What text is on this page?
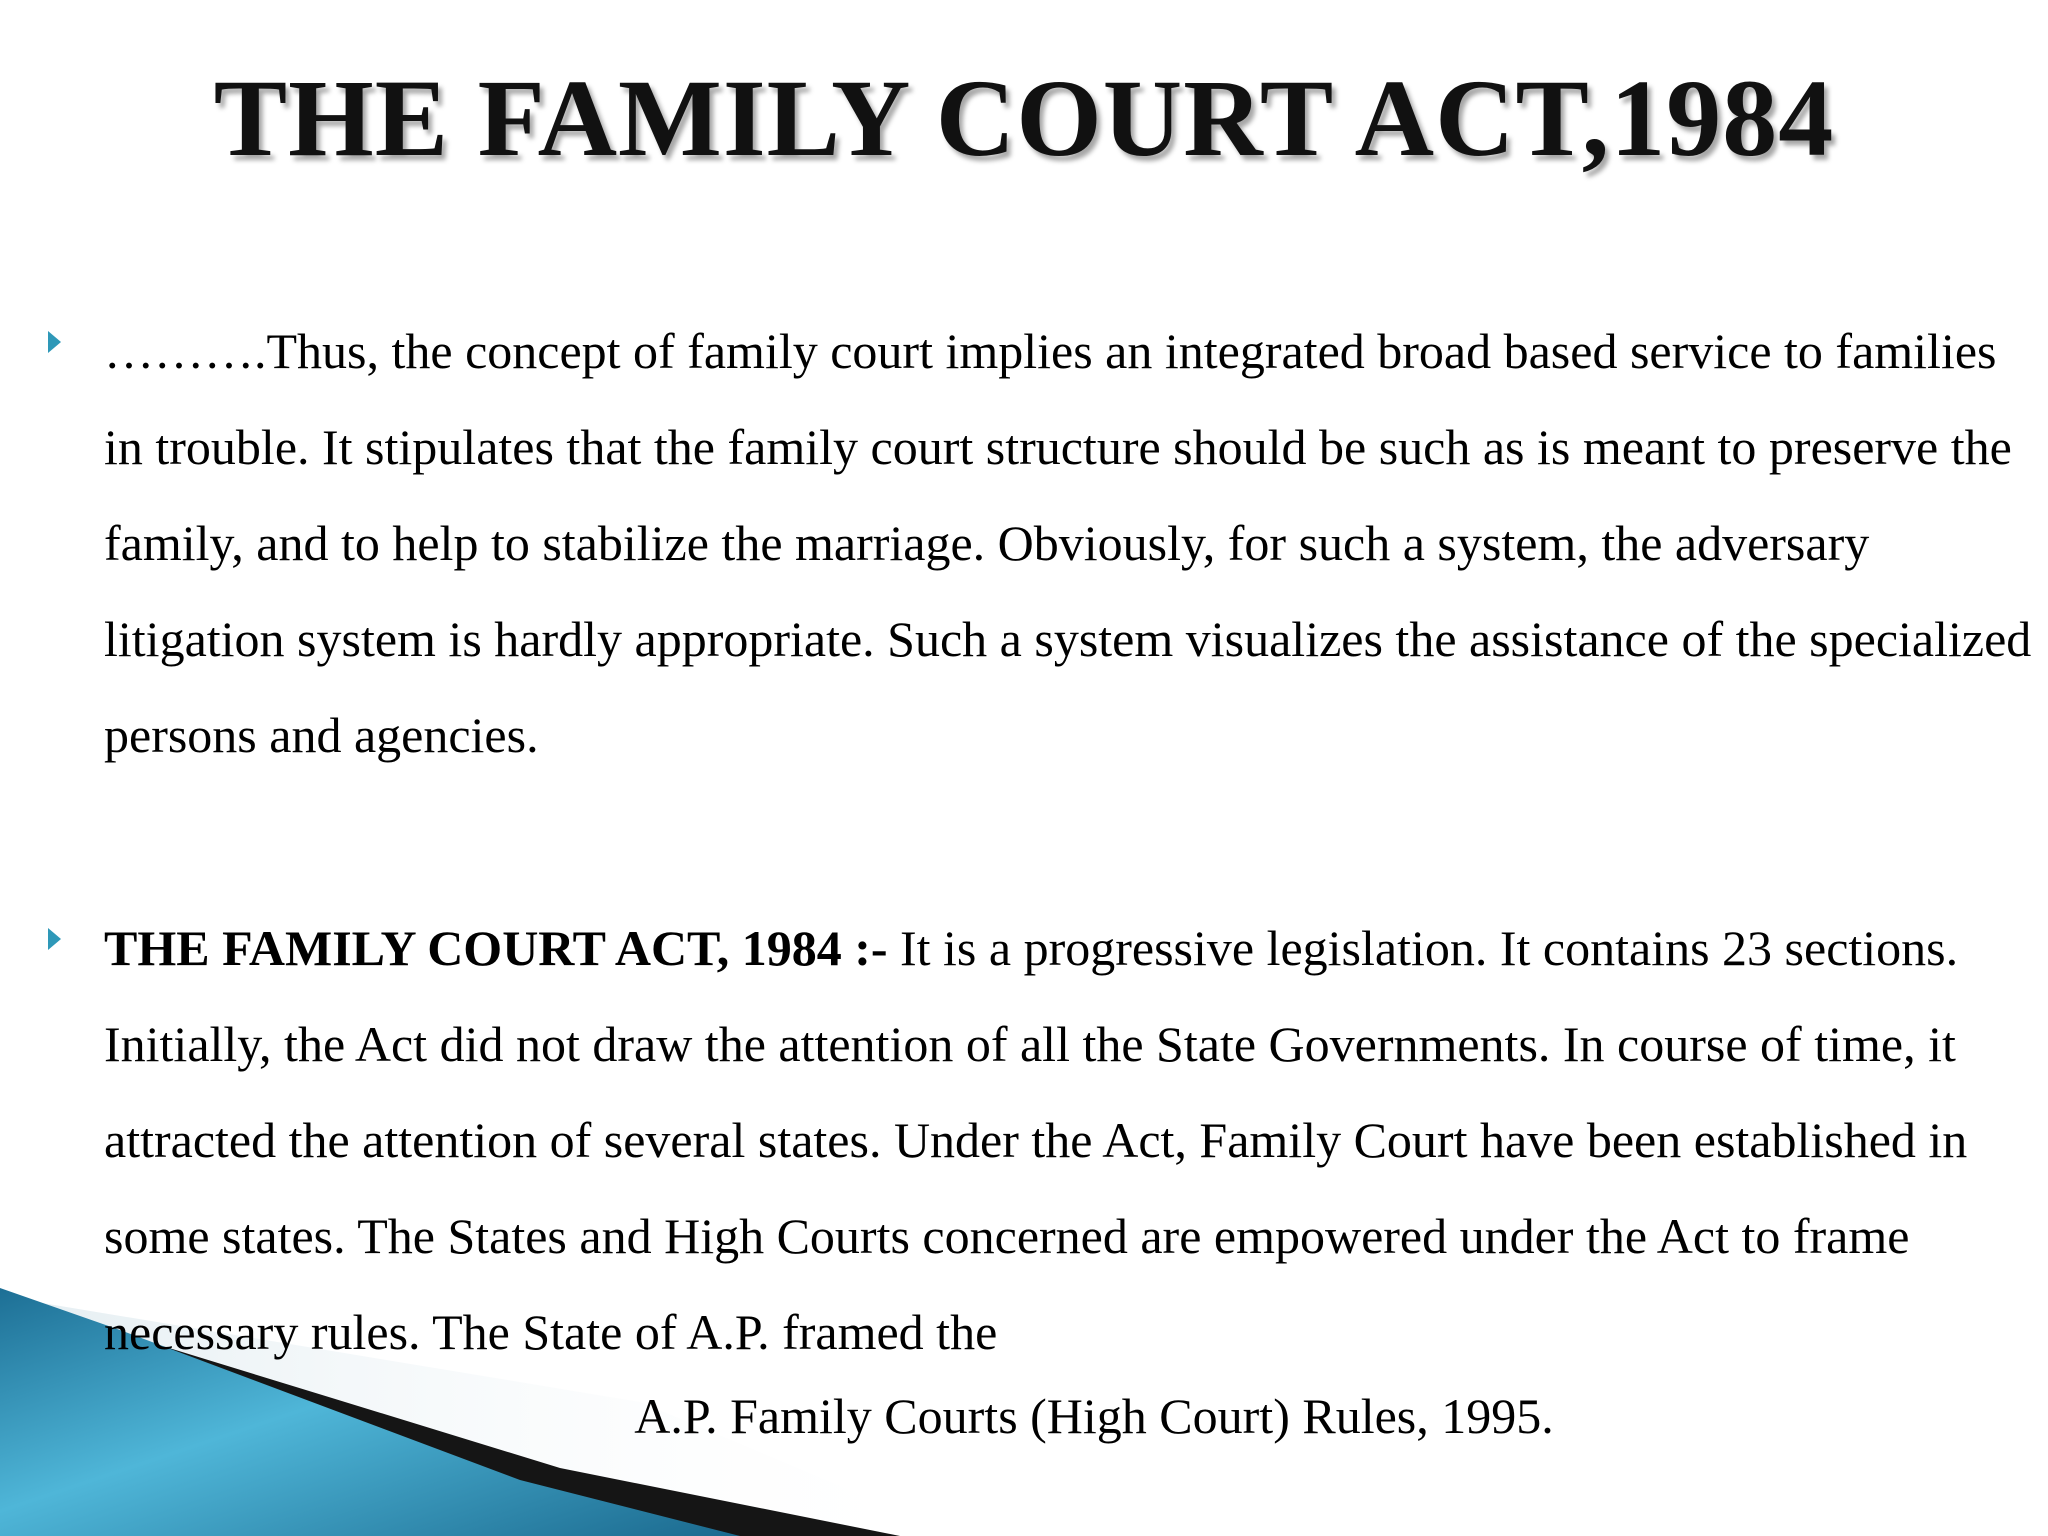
THE FAMILY COURT ACT,1984

……….Thus, the concept of family court implies an integrated broad based service to families in trouble. It stipulates that the family court structure should be such as is meant to preserve the family, and to help to stabilize the marriage. Obviously, for such a system, the adversary litigation system is hardly appropriate. Such a system visualizes the assistance of the specialized persons and agencies.

THE FAMILY COURT ACT, 1984 :- It is a progressive legislation. It contains 23 sections. Initially, the Act did not draw the attention of all the State Governments. In course of time, it attracted the attention of several states. Under the Act, Family Court have been established in some states. The States and High Courts concerned are empowered under the Act to frame necessary rules. The State of A.P. framed the

A.P. Family Courts (High Court) Rules, 1995.
